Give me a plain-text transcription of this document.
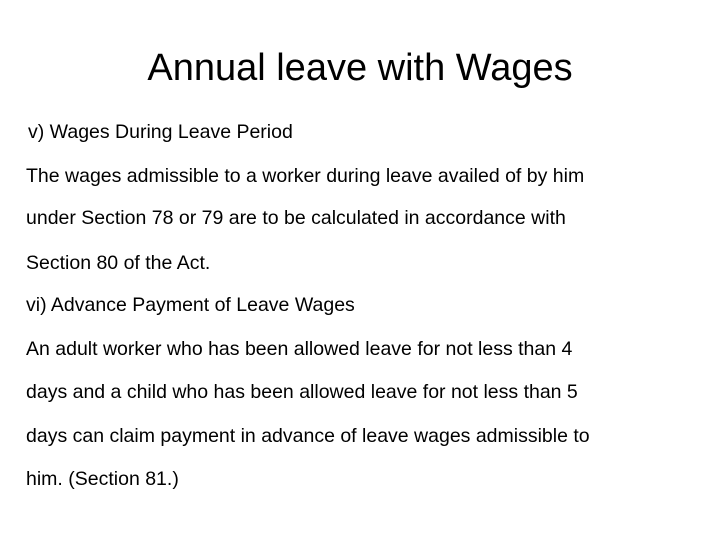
Annual leave with Wages
v) Wages During Leave Period
The wages admissible to a worker during leave availed of by him
under Section 78 or 79 are to be calculated in accordance with
Section 80 of the Act.
vi) Advance Payment of Leave Wages
An adult worker who has been allowed leave for not less than 4
days and a child who has been allowed leave for not less than 5
days can claim payment in advance of leave wages admissible to
him. (Section 81.)
